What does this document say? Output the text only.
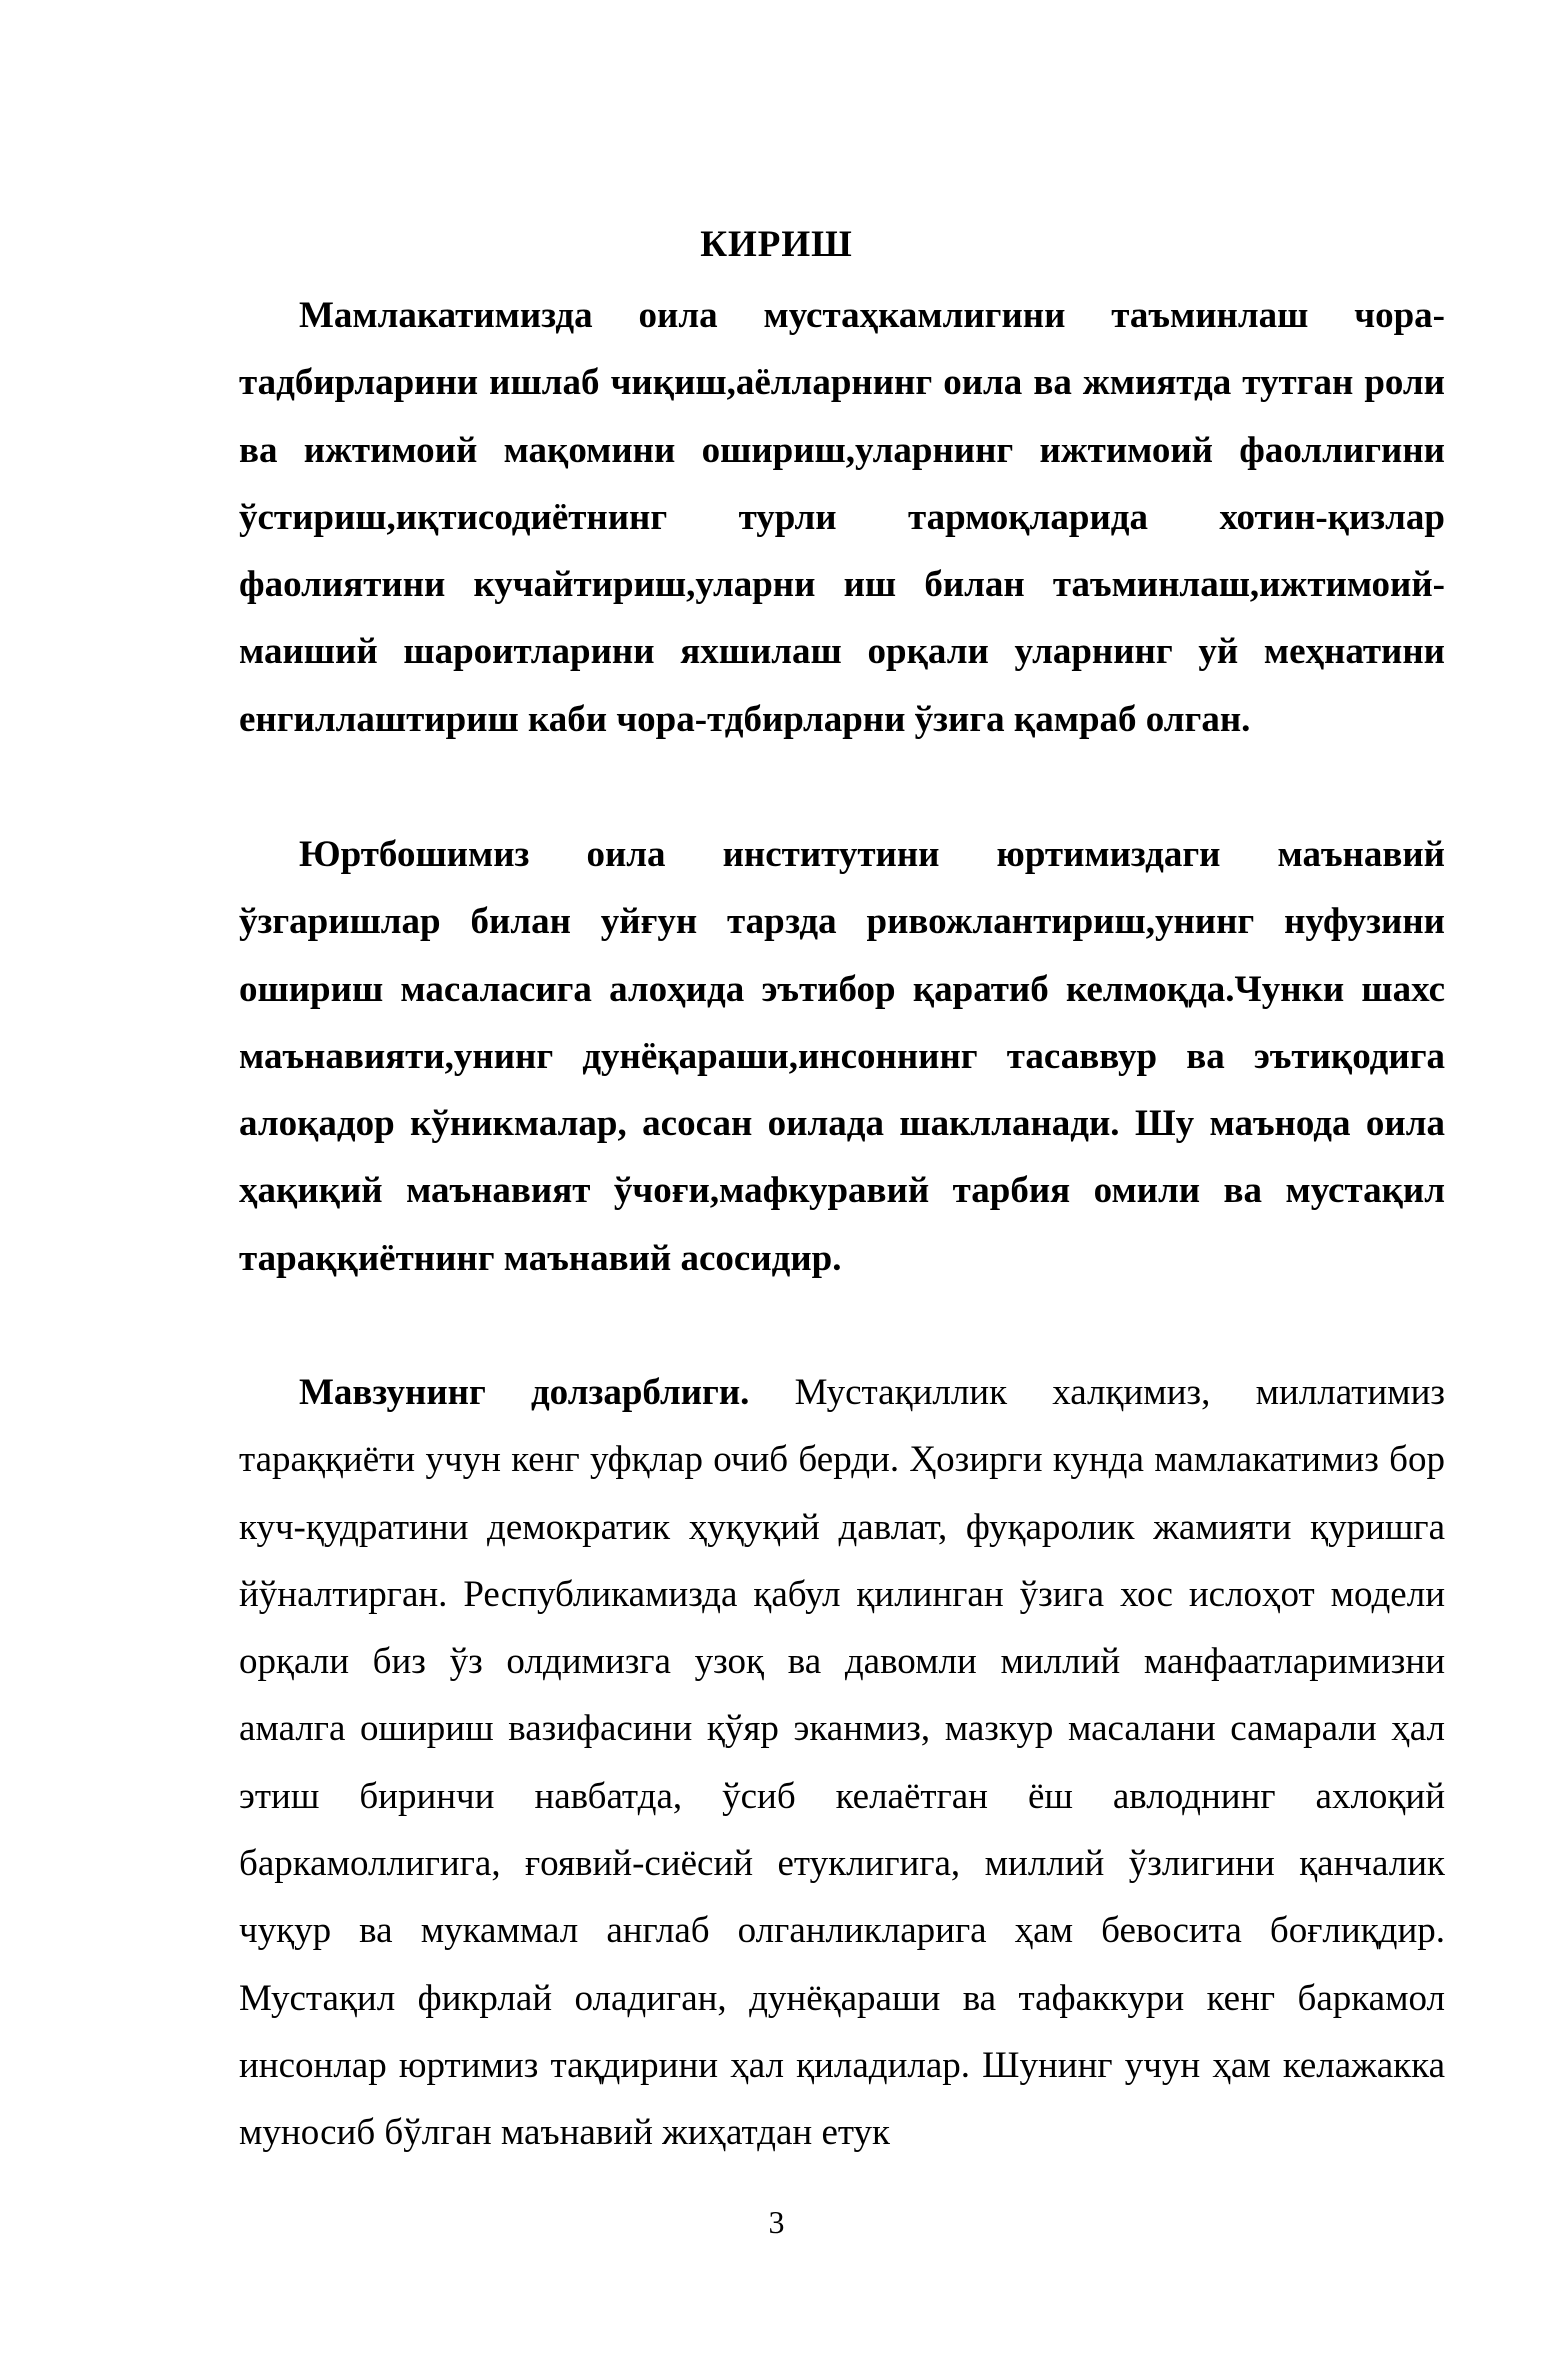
КИРИШ

Мамлакатимизда оила мустаҳкамлигини таъминлаш чора-тадбирларини ишлаб чиқиш,аёлларнинг оила ва жмиятда тутган роли ва ижтимоий мақомини ошириш,уларнинг ижтимоий фаоллигини ўстириш,иқтисодиётнинг турли тармоқларида хотин-қизлар фаолиятини кучайтириш,уларни иш билан таъминлаш,ижтимоий-маиший шароитларини яхшилаш орқали уларнинг уй меҳнатини енгиллаштириш каби чора-тдбирларни ўзига қамраб олган.

Юртбошимиз оила институтини юртимиздаги маънавий ўзгаришлар билан уйғун тарзда ривожлантириш,унинг нуфузини ошириш масаласига алоҳида эътибор қаратиб келмоқда.Чунки шахс маънавияти,унинг дунёқараши,инсоннинг тасаввур ва эътиқодига алоқадор кўникмалар, асосан оилада шаклланади. Шу маънода оила ҳақиқий маънавият ўчоғи,мафкуравий тарбия омили ва мустақил тараққиётнинг маънавий асосидир.

Мавзунинг долзарблиги. Мустақиллик халқимиз, миллатимиз тараққиёти учун кенг уфқлар очиб берди. Ҳозирги кунда мамлакатимиз бор куч-қудратини демократик ҳуқуқий давлат, фуқаролик жамияти қуришга йўналтирган. Республикамизда қабул қилинган ўзига хос ислоҳот модели орқали биз ўз олдимизга узоқ ва давомли миллий манфаатларимизни амалга ошириш вазифасини қўяр эканмиз, мазкур масалани самарали ҳал этиш биринчи навбатда, ўсиб келаётган ёш авлоднинг ахлоқий баркамоллигига, ғоявий-сиёсий етуклигига, миллий ўзлигини қанчалик чуқур ва мукаммал англаб олганликларига ҳам бевосита боғлиқдир. Мустақил фикрлай оладиган, дунёқараши ва тафаккури кенг баркамол инсонлар юртимиз тақдирини ҳал қиладилар. Шунинг учун ҳам келажакка муносиб бўлган маънавий жиҳатдан етук

3
